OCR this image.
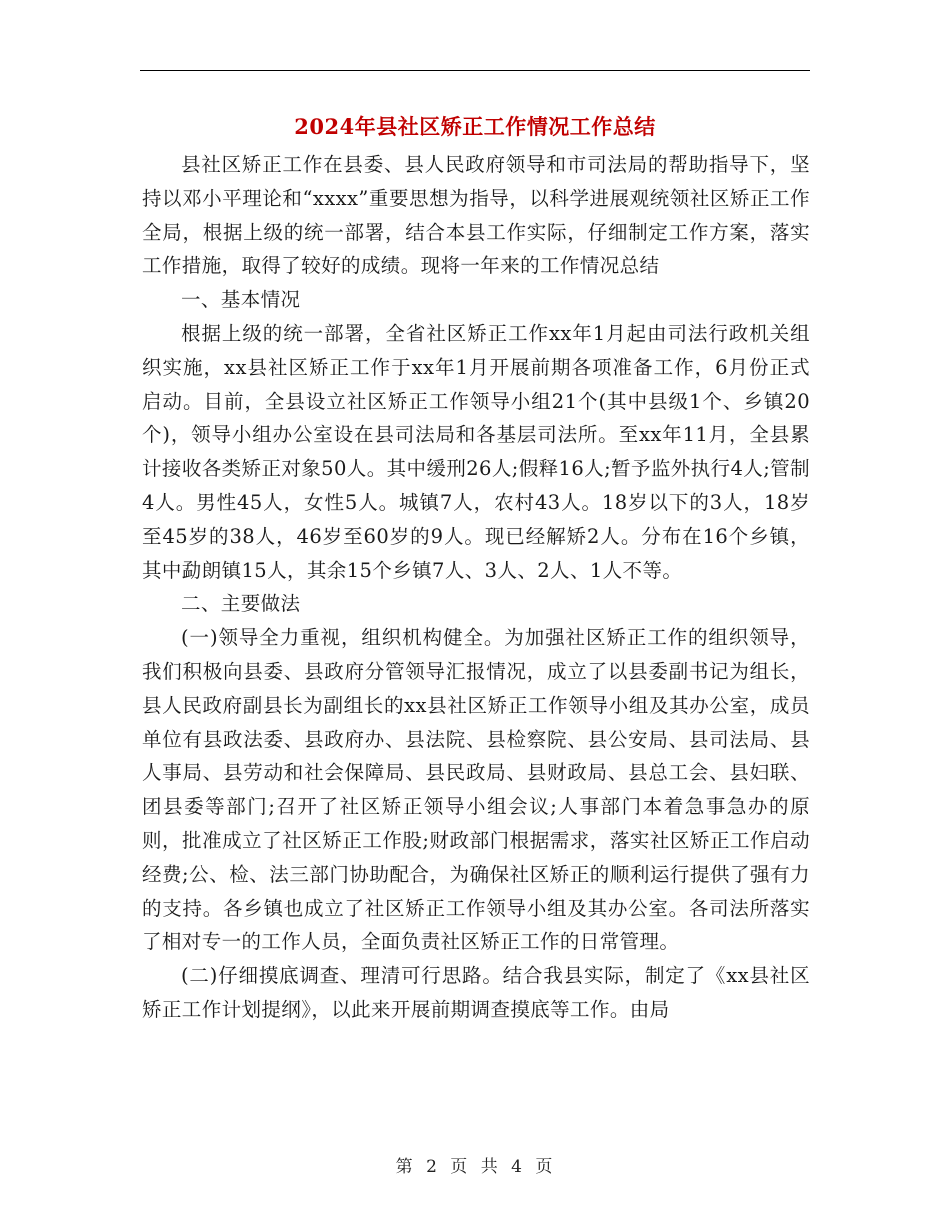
2024年县社区矫正工作情况工作总结

县社区矫正工作在县委、县人民政府领导和市司法局的帮助指导下，坚持以邓小平理论和“xxxx”重要思想为指导，以科学进展观统领社区矫正工作全局，根据上级的统一部署，结合本县工作实际，仔细制定工作方案，落实工作措施，取得了较好的成绩。现将一年来的工作情况总结

一、基本情况

根据上级的统一部署，全省社区矫正工作xx年1月起由司法行政机关组织实施，xx县社区矫正工作于xx年1月开展前期各项准备工作，6月份正式启动。目前，全县设立社区矫正工作领导小组21个(其中县级1个、乡镇20个)，领导小组办公室设在县司法局和各基层司法所。至xx年11月，全县累计接收各类矫正对象50人。其中缓刑26人;假释16人;暂予监外执行4人;管制4人。男性45人，女性5人。城镇7人，农村43人。18岁以下的3人，18岁至45岁的38人，46岁至60岁的9人。现已经解矫2人。分布在16个乡镇，其中勐朗镇15人，其余15个乡镇7人、3人、2人、1人不等。

二、主要做法

(一)领导全力重视，组织机构健全。为加强社区矫正工作的组织领导，我们积极向县委、县政府分管领导汇报情况，成立了以县委副书记为组长，县人民政府副县长为副组长的xx县社区矫正工作领导小组及其办公室，成员单位有县政法委、县政府办、县法院、县检察院、县公安局、县司法局、县人事局、县劳动和社会保障局、县民政局、县财政局、县总工会、县妇联、团县委等部门;召开了社区矫正领导小组会议;人事部门本着急事急办的原则，批准成立了社区矫正工作股;财政部门根据需求，落实社区矫正工作启动经费;公、检、法三部门协助配合，为确保社区矫正的顺利运行提供了强有力的支持。各乡镇也成立了社区矫正工作领导小组及其办公室。各司法所落实了相对专一的工作人员，全面负责社区矫正工作的日常管理。

(二)仔细摸底调查、理清可行思路。结合我县实际，制定了《xx县社区矫正工作计划提纲》，以此来开展前期调查摸底等工作。由局

第 2 页 共 4 页
